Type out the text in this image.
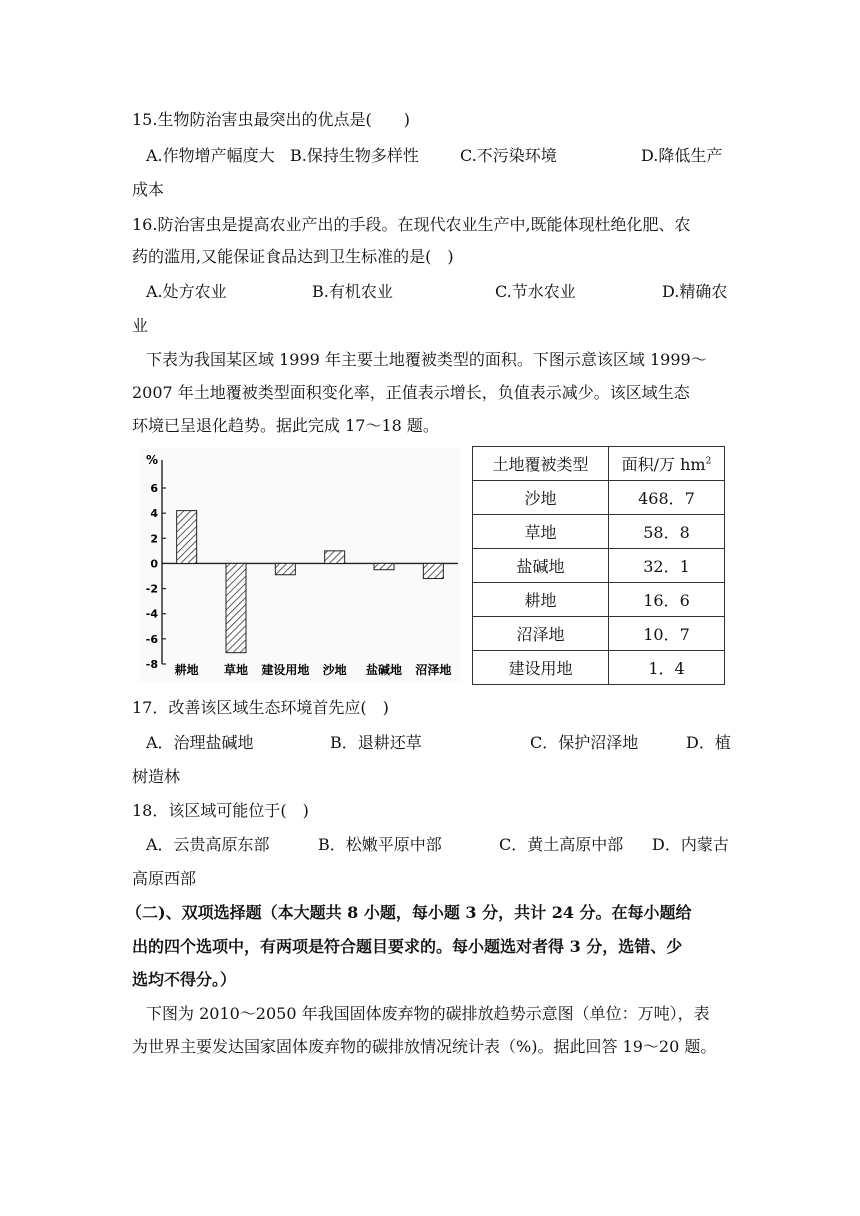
15.生物防治害虫最突出的优点是(　　)
A.作物增产幅度大 B.保持生物多样性	C.不污染环境	D.降低生产
成本
16.防治害虫是提高农业产出的手段。在现代农业生产中,既能体现杜绝化肥、农
药的滥用,又能保证食品达到卫生标准的是(　)
A.处方农业	B.有机农业	C.节水农业	D.精确农
业
下表为我国某区域 1999 年主要土地覆被类型的面积。下图示意该区域 1999～
2007 年土地覆被类型面积变化率，正值表示增长，负值表示减少。该区域生态
环境已呈退化趋势。据此完成 17～18 题。
%
6
4
2
0
-2
-4
-6
-8 耕地 草地 建设用地 沙地 盐碱地 沼泽地
土地覆被类型	面积/万 $hm^2$
沙地	468．7
草地	58．8
盐碱地	32．1
耕地	16．6
沼泽地	10．7
建设用地	1．4
17．改善该区域生态环境首先应(　)
A．治理盐碱地	B．退耕还草	C．保护沼泽地	D．植
树造林
18．该区域可能位于(　)
A．云贵高原东部	B．松嫩平原中部	C．黄土高原中部 D．内蒙古
高原西部
（二)、双项选择题（本大题共 8 小题，每小题 3 分，共计 24 分。在每小题给
出的四个选项中，有两项是符合题目要求的。每小题选对者得 3 分，选错、少
选均不得分。）
下图为 2010～2050 年我国固体废弃物的碳排放趋势示意图（单位：万吨），表
为世界主要发达国家固体废弃物的碳排放情况统计表（%)。据此回答 19～20 题。
